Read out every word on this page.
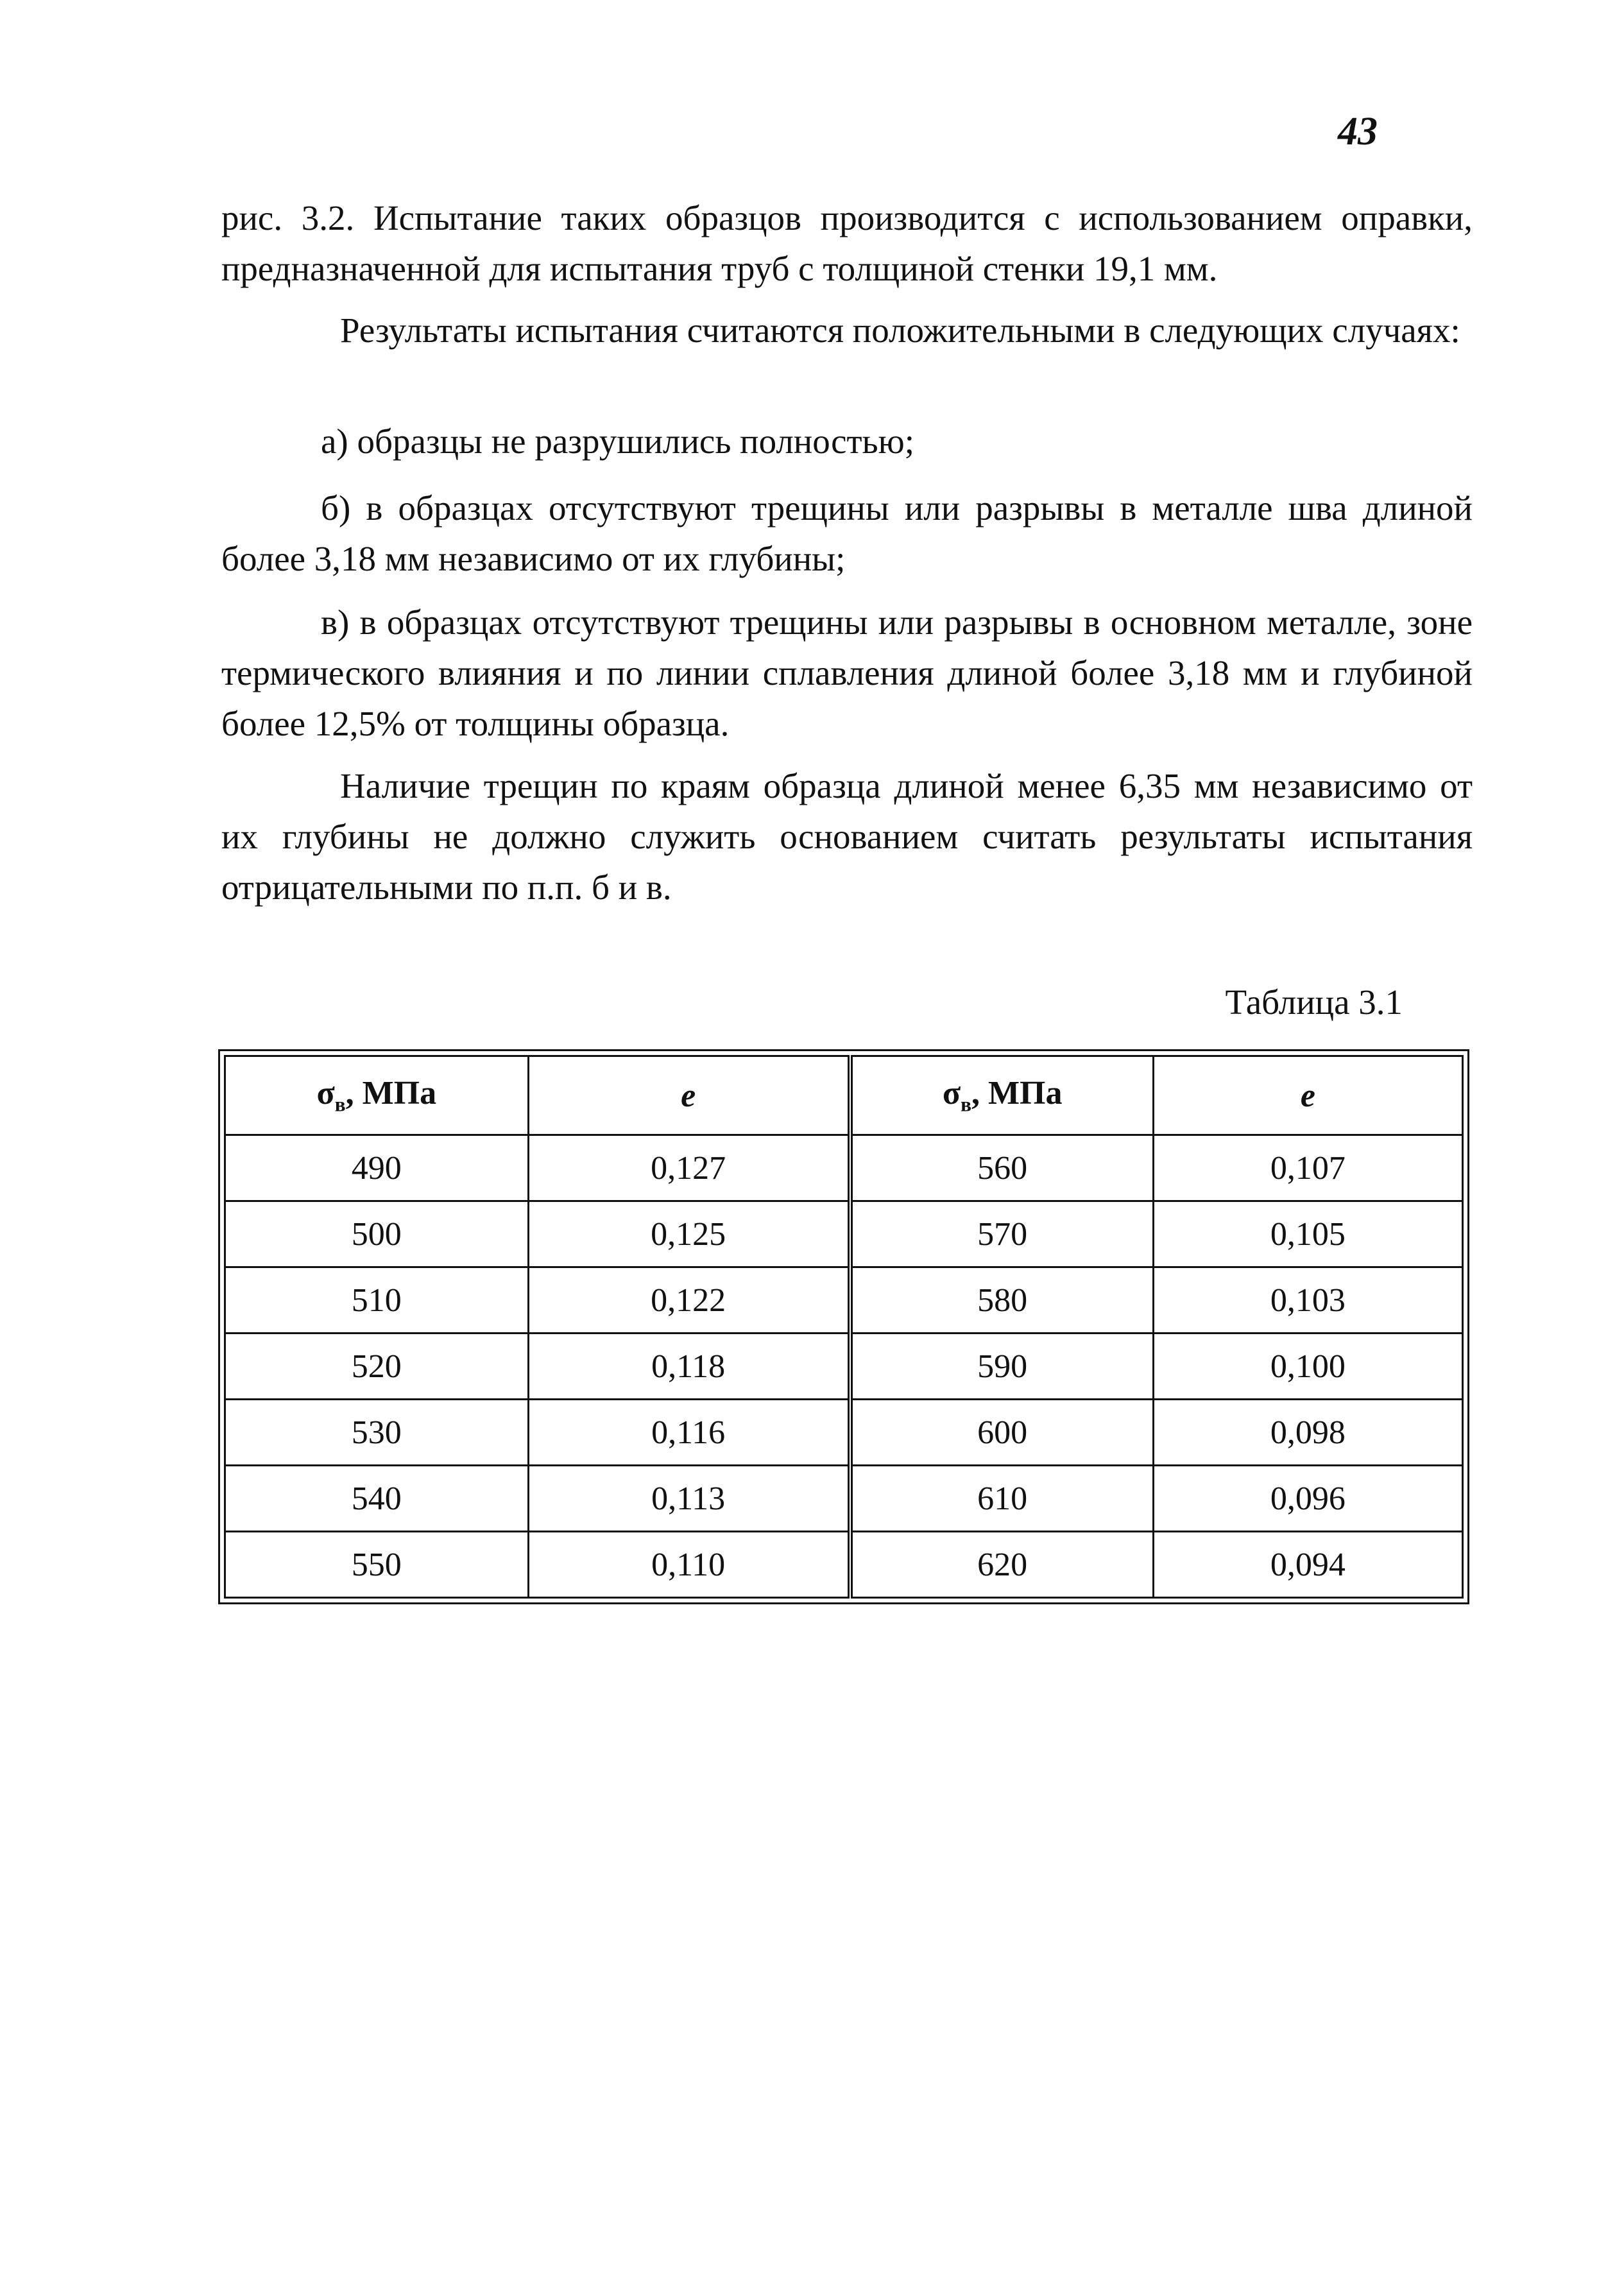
43
рис. 3.2. Испытание таких образцов производится с использованием оправки, предназначенной для испытания труб с толщиной стенки 19,1 мм.
Результаты испытания считаются положительными в следующих случаях:
а) образцы не разрушились полностью;
б) в образцах отсутствуют трещины или разрывы в металле шва длиной более 3,18 мм независимо от их глубины;
в) в образцах отсутствуют трещины или разрывы в основном металле, зоне термического влияния и по линии сплавления длиной более 3,18 мм и глубиной более 12,5% от толщины образца.
Наличие трещин по краям образца длиной менее 6,35 мм независимо от их глубины не должно служить основанием считать результаты испытания отрицательными по п.п. б и в.
Таблица 3.1
$\sigma_в$, МПа	e	$\sigma_в$, МПа	e
490	0,127	560	0,107
500	0,125	570	0,105
510	0,122	580	0,103
520	0,118	590	0,100
530	0,116	600	0,098
540	0,113	610	0,096
550	0,110	620	0,094
